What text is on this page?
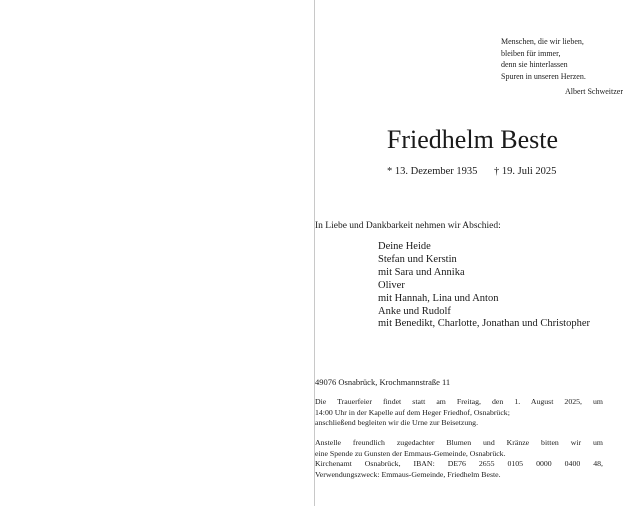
Menschen, die wir lieben,
bleiben für immer,
denn sie hinterlassen
Spuren in unseren Herzen.
Albert Schweitzer
Friedhelm Beste
* 13. Dezember 1935 † 19. Juli 2025
In Liebe und Dankbarkeit nehmen wir Abschied:
Deine Heide
Stefan und Kerstin
mit Sara und Annika
Oliver
mit Hannah, Lina und Anton
Anke und Rudolf
mit Benedikt, Charlotte, Jonathan und Christopher
49076 Osnabrück, Krochmannstraße 11
Die Trauerfeier findet statt am Freitag, den 1. August 2025, um
14:00 Uhr in der Kapelle auf dem Heger Friedhof, Osnabrück;
anschließend begleiten wir die Urne zur Beisetzung.
Anstelle freundlich zugedachter Blumen und Kränze bitten wir um
eine Spende zu Gunsten der Emmaus-Gemeinde, Osnabrück.
Kirchenamt Osnabrück, IBAN: DE76 2655 0105 0000 0400 48,
Verwendungszweck: Emmaus-Gemeinde, Friedhelm Beste.
